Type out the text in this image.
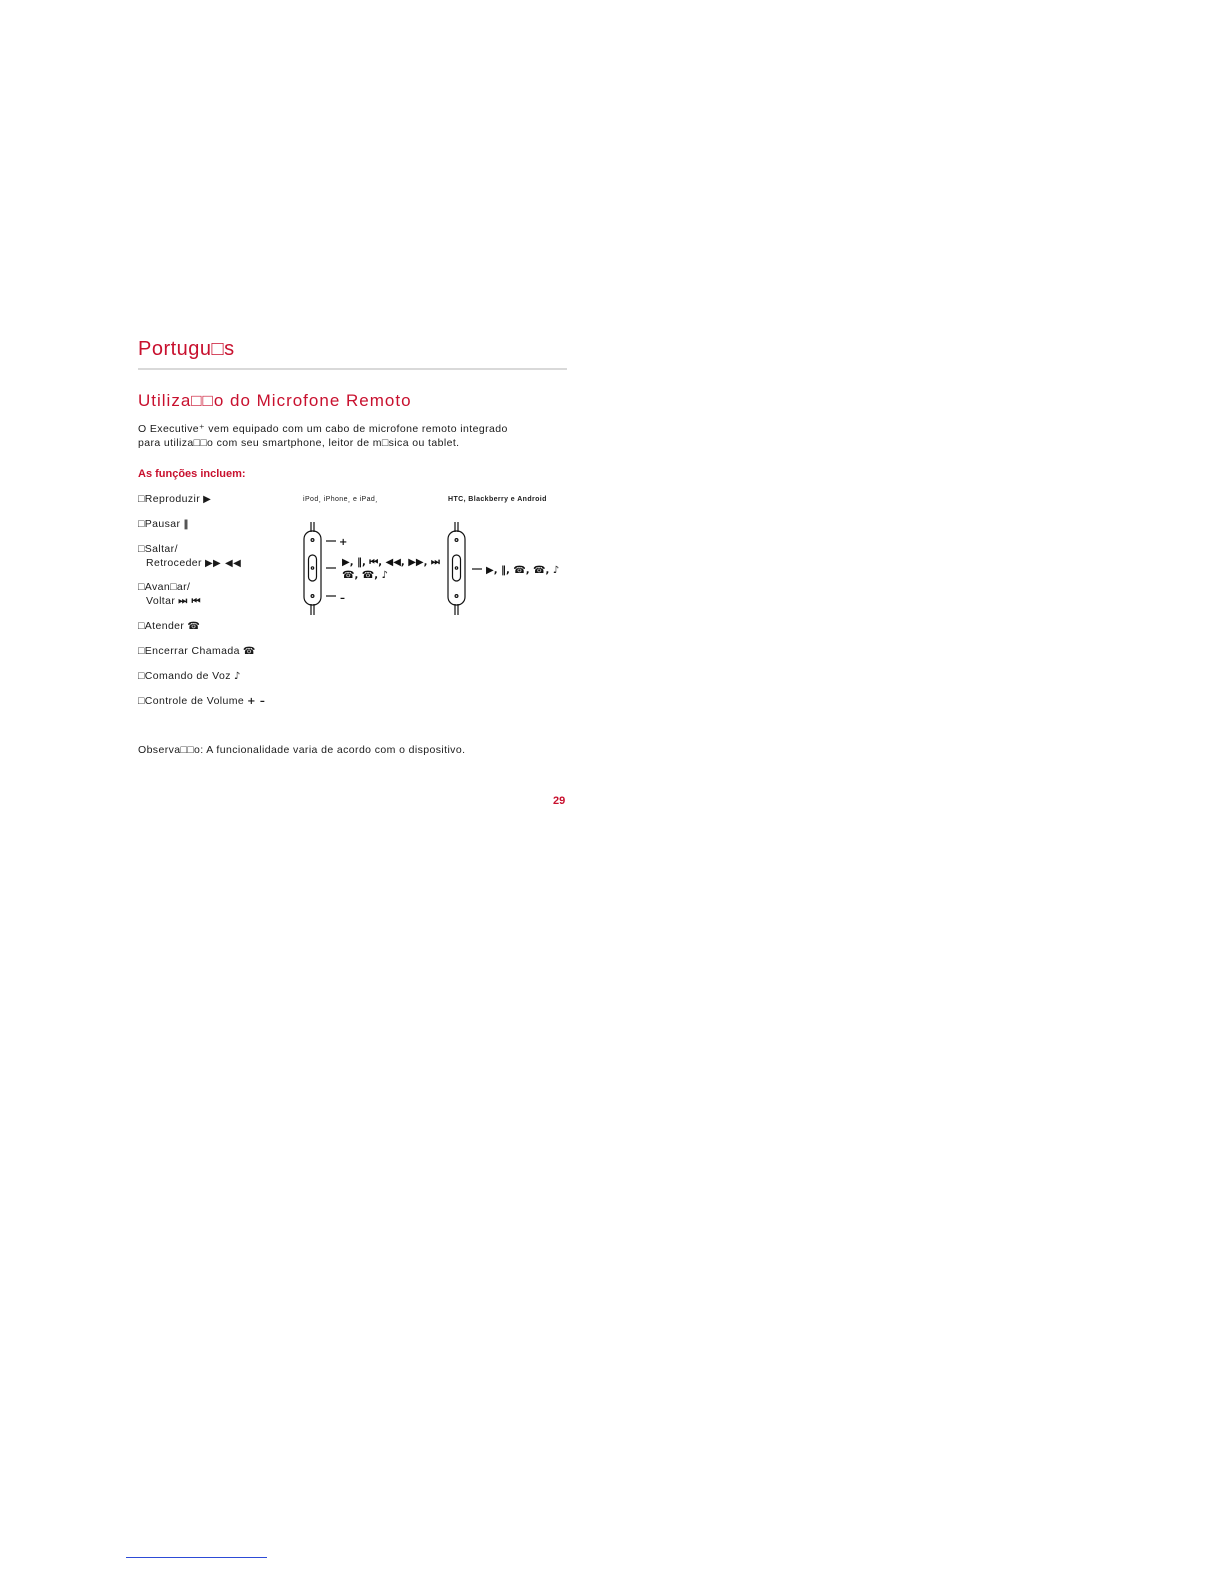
Portugu□s
Utiliza□□o do Microfone Remoto
O Executive⁺ vem equipado com um cabo de microfone remoto integrado
para utiliza□□o com seu smartphone, leitor de m□sica ou tablet.
As funções incluem:
□Reproduzir ▶
□Pausar ‖
□Saltar/
Retroceder ▶▶ ◀◀
□Avan□ar/
Voltar ⏭ ⏮
□Atender ☎
□Encerrar Chamada ☎
□Comando de Voz ♪
□Controle de Volume + –
iPod¸ iPhone¸ e iPad¸	HTC, Blackberry e Android
+
–
▶, ‖, ⏮, ◀◀, ▶▶, ⏭
☎, ☎, ♪	▶, ‖, ☎, ☎, ♪
Observa□□o: A funcionalidade varia de acordo com o dispositivo.
29
